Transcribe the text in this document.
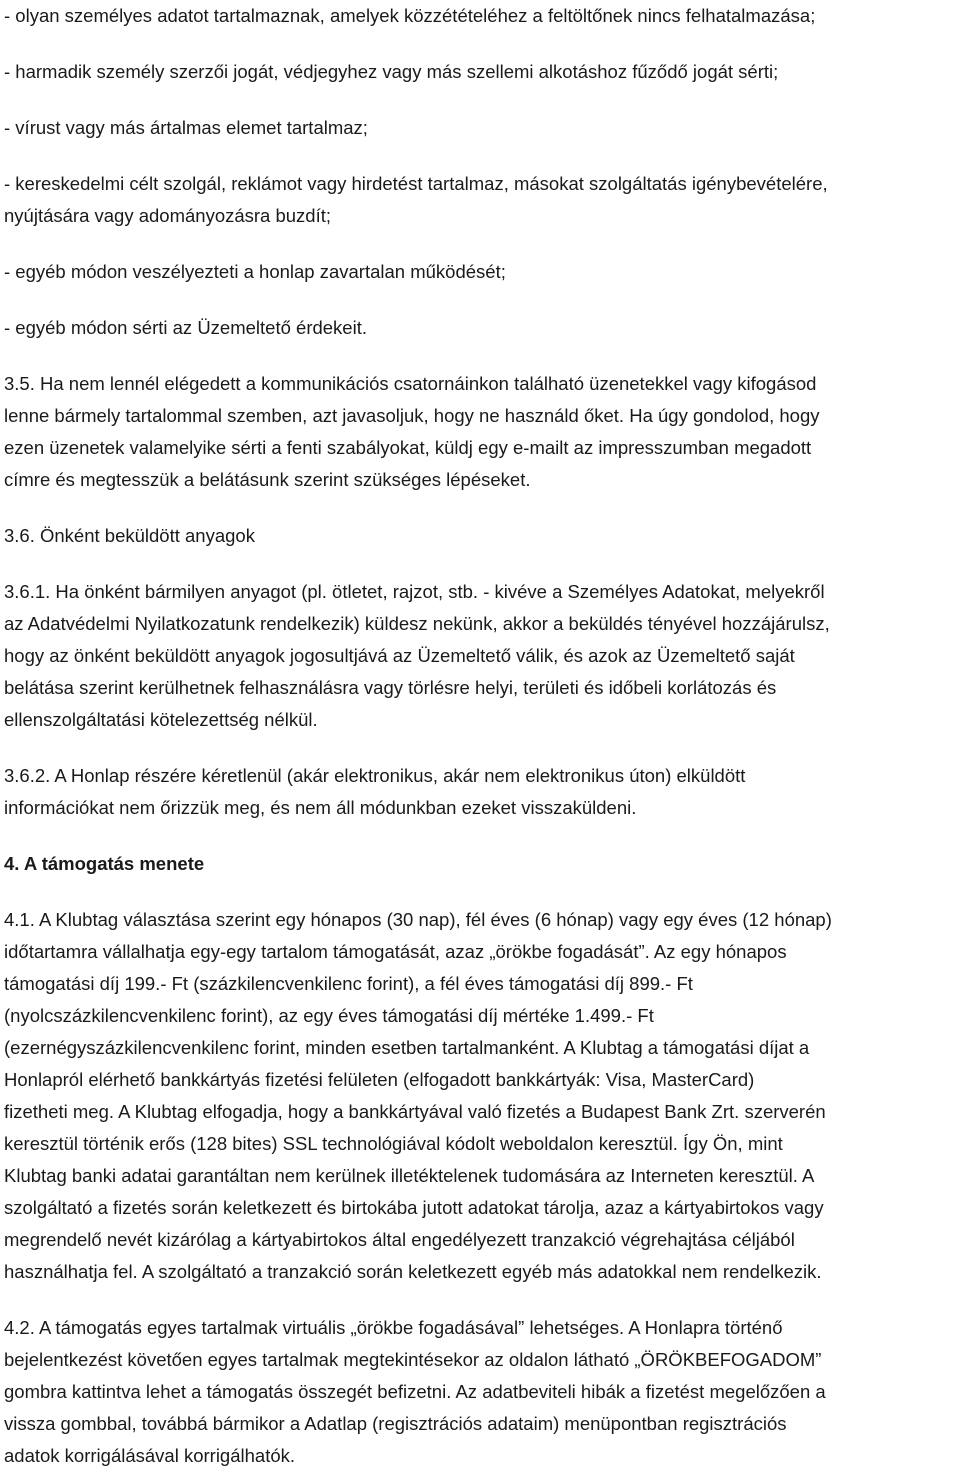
- olyan személyes adatot tartalmaznak, amelyek közzétételéhez a feltöltőnek nincs felhatalmazása;

- harmadik személy szerzői jogát, védjegyhez vagy más szellemi alkotáshoz fűződő jogát sérti;

- vírust vagy más ártalmas elemet tartalmaz;

- kereskedelmi célt szolgál, reklámot vagy hirdetést tartalmaz, másokat szolgáltatás igénybevételére,

nyújtására vagy adományozásra buzdít;

- egyéb módon veszélyezteti a honlap zavartalan működését;

- egyéb módon sérti az Üzemeltető érdekeit.

3.5. Ha nem lennél elégedett a kommunikációs csatornáinkon található üzenetekkel vagy kifogásod

lenne bármely tartalommal szemben, azt javasoljuk, hogy ne használd őket. Ha úgy gondolod, hogy

ezen üzenetek valamelyike sérti a fenti szabályokat, küldj egy e-mailt az impresszumban megadott

címre és megtesszük a belátásunk szerint szükséges lépéseket.

3.6. Önként beküldött anyagok

3.6.1. Ha önként bármilyen anyagot (pl. ötletet, rajzot, stb. - kivéve a Személyes Adatokat, melyekről

az Adatvédelmi Nyilatkozatunk rendelkezik) küldesz nekünk, akkor a beküldés tényével hozzájárulsz,

hogy az önként beküldött anyagok jogosultjává az Üzemeltető válik, és azok az Üzemeltető saját

belátása szerint kerülhetnek felhasználásra vagy törlésre helyi, területi és időbeli korlátozás és

ellenszolgáltatási kötelezettség nélkül.

3.6.2. A Honlap részére kéretlenül (akár elektronikus, akár nem elektronikus úton) elküldött

információkat nem őrizzük meg, és nem áll módunkban ezeket visszaküldeni.

4. A támogatás menete

4.1. A Klubtag választása szerint egy hónapos (30 nap), fél éves (6 hónap) vagy egy éves (12 hónap)

időtartamra vállalhatja egy-egy tartalom támogatását, azaz „örökbe fogadását”. Az egy hónapos

támogatási díj 199.- Ft (százkilencvenkilenc forint), a fél éves támogatási díj 899.- Ft

(nyolcszázkilencvenkilenc forint), az egy éves támogatási díj mértéke 1.499.- Ft

(ezernégyszázkilencvenkilenc forint, minden esetben tartalmanként. A Klubtag a támogatási díjat a

Honlapról elérhető bankkártyás fizetési felületen (elfogadott bankkártyák: Visa, MasterCard)

fizetheti meg. A Klubtag elfogadja, hogy a bankkártyával való fizetés a Budapest Bank Zrt. szerverén

keresztül történik erős (128 bites) SSL technológiával kódolt weboldalon keresztül. Így Ön, mint

Klubtag banki adatai garantáltan nem kerülnek illetéktelenek tudomására az Interneten keresztül. A

szolgáltató a fizetés során keletkezett és birtokába jutott adatokat tárolja, azaz a kártyabirtokos vagy

megrendelő nevét kizárólag a kártyabirtokos által engedélyezett tranzakció végrehajtása céljából

használhatja fel. A szolgáltató a tranzakció során keletkezett egyéb más adatokkal nem rendelkezik.

4.2. A támogatás egyes tartalmak virtuális „örökbe fogadásával” lehetséges. A Honlapra történő

bejelentkezést követően egyes tartalmak megtekintésekor az oldalon látható „ÖRÖKBEFOGADOM”

gombra kattintva lehet a támogatás összegét befizetni. Az adatbeviteli hibák a fizetést megelőzően a

vissza gombbal, továbbá bármikor a Adatlap (regisztrációs adataim) menüpontban regisztrációs

adatok korrigálásával korrigálhatók.
